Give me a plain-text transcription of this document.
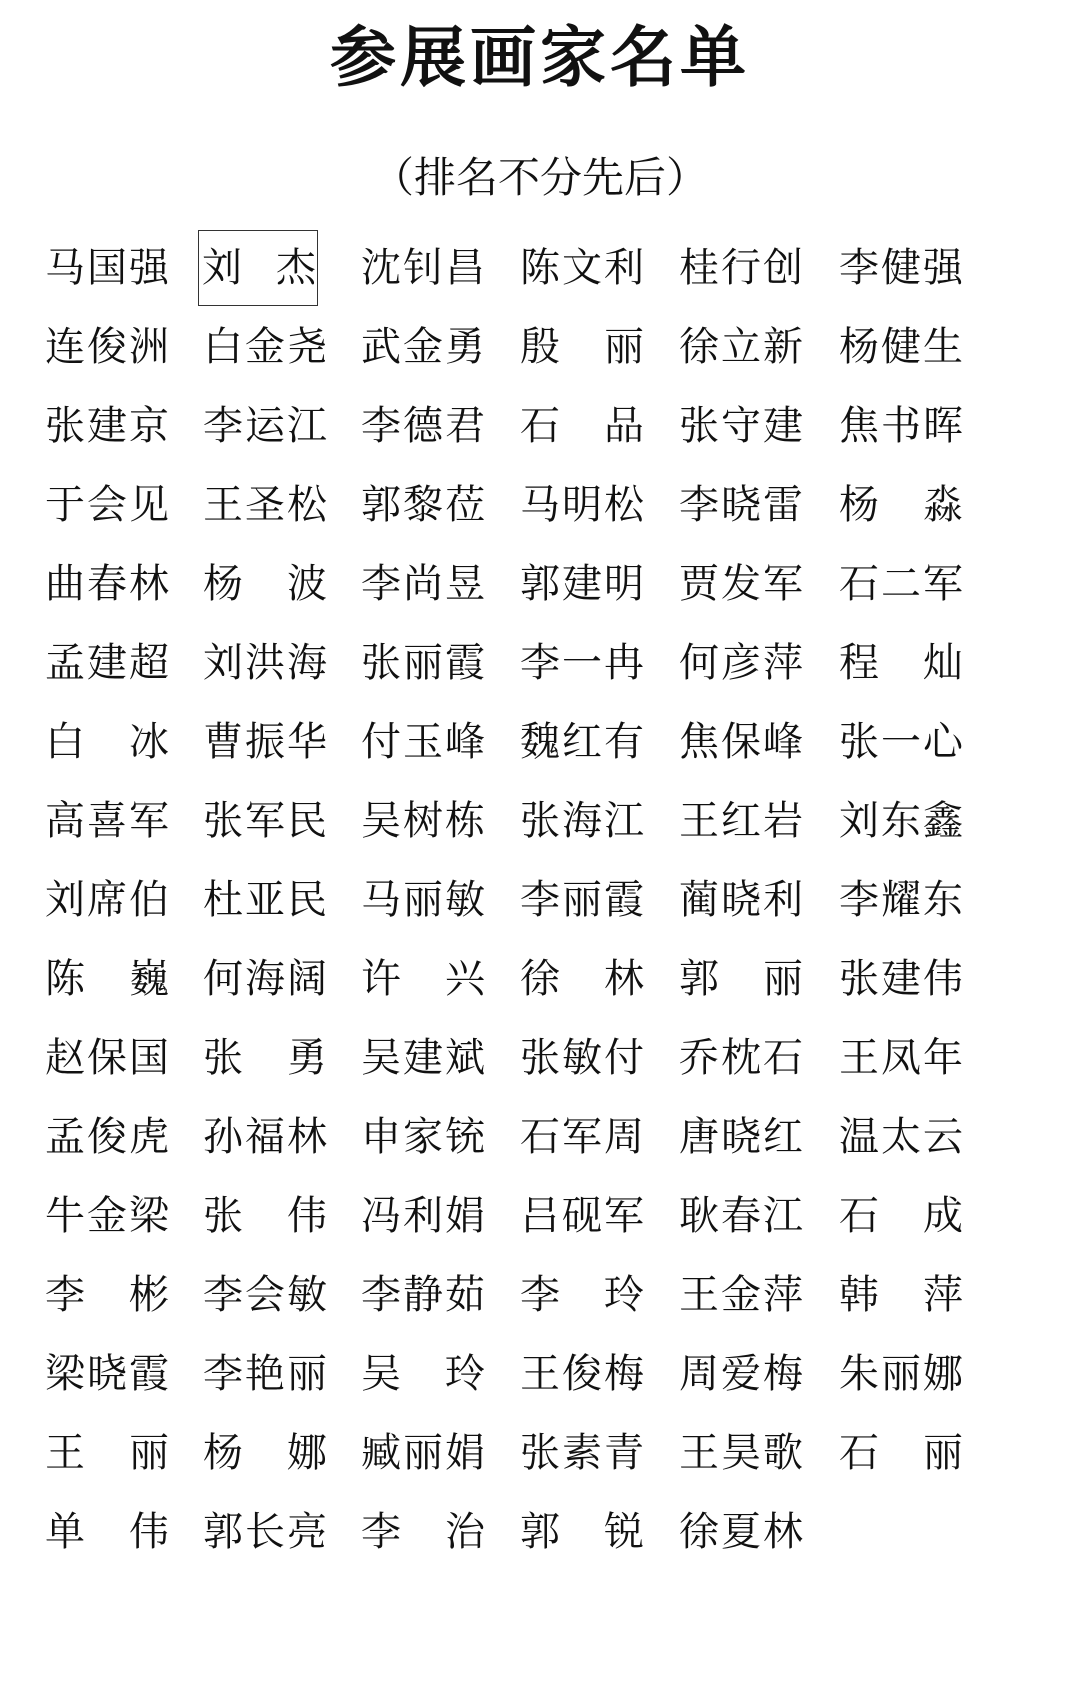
参展画家名单
（排名不分先后）
马 国 强 刘 杰 沈 钊 昌 陈 文 利 桂 行 创 李 健 强
连 俊 洲 白 金 尧 武 金 勇 殷 丽 徐 立 新 杨 健 生
张 建 京 李 运 江 李 德 君 石 品 张 守 建 焦 书 晖
于 会 见 王 圣 松 郭 黎 莅 马 明 松 李 晓 雷 杨 淼
曲 春 林 杨 波 李 尚 昱 郭 建 明 贾 发 军 石 二 军
孟 建 超 刘 洪 海 张 丽 霞 李 一 冉 何 彦 萍 程 灿
白 冰 曹 振 华 付 玉 峰 魏 红 有 焦 保 峰 张 一 心
高 喜 军 张 军 民 吴 树 栋 张 海 江 王 红 岩 刘 东 鑫
刘 席 伯 杜 亚 民 马 丽 敏 李 丽 霞 蔺 晓 利 李 耀 东
陈 巍 何 海 阔 许 兴 徐 林 郭 丽 张 建 伟
赵 保 国 张 勇 吴 建 斌 张 敏 付 乔 枕 石 王 凤 年
孟 俊 虎 孙 福 林 申 家 铳 石 军 周 唐 晓 红 温 太 云
牛 金 梁 张 伟 冯 利 娟 吕 砚 军 耿 春 江 石 成
李 彬 李 会 敏 李 静 茹 李 玲 王 金 萍 韩 萍
梁 晓 霞 李 艳 丽 吴 玲 王 俊 梅 周 爱 梅 朱 丽 娜
王 丽 杨 娜 臧 丽 娟 张 素 青 王 昊 歌 石 丽
单 伟 郭 长 亮 李 治 郭 锐 徐 夏 林
